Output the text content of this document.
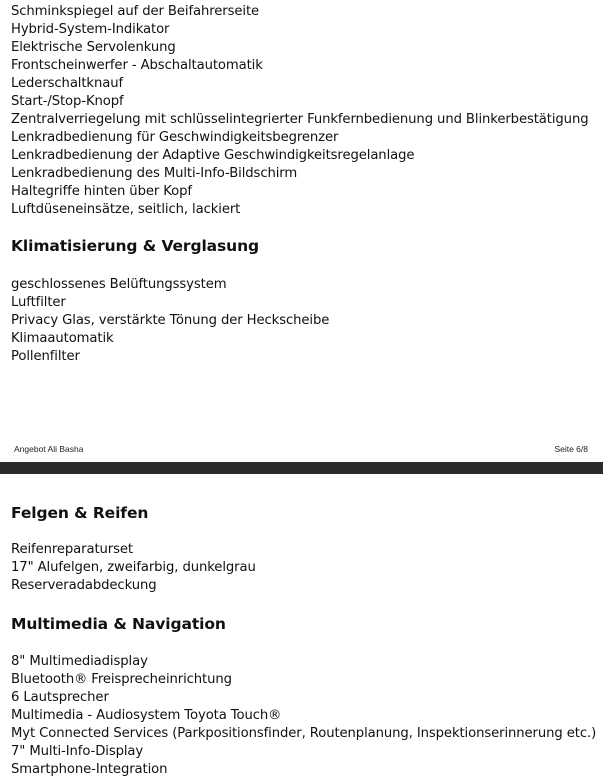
Schminkspiegel auf der Beifahrerseite
Hybrid-System-Indikator
Elektrische Servolenkung
Frontscheinwerfer - Abschaltautomatik
Lederschaltknauf
Start-/Stop-Knopf
Zentralverriegelung mit schlüsselintegrierter Funkfernbedienung und Blinkerbestätigung
Lenkradbedienung für Geschwindigkeitsbegrenzer
Lenkradbedienung der Adaptive Geschwindigkeitsregelanlage
Lenkradbedienung des Multi-Info-Bildschirm
Haltegriffe hinten über Kopf
Luftdüseneinsätze, seitlich, lackiert
Klimatisierung & Verglasung
geschlossenes Belüftungssystem
Luftfilter
Privacy Glas, verstärkte Tönung der Heckscheibe
Klimaautomatik
Pollenfilter
Angebot Ali Basha	Seite 6/8
Felgen & Reifen
Reifenreparaturset
17" Alufelgen, zweifarbig, dunkelgrau
Reserveradabdeckung
Multimedia & Navigation
8" Multimediadisplay
Bluetooth® Freisprecheinrichtung
6 Lautsprecher
Multimedia - Audiosystem Toyota Touch®
Myt Connected Services (Parkpositionsfinder, Routenplanung, Inspektionserinnerung etc.)
7" Multi-Info-Display
Smartphone-Integration
